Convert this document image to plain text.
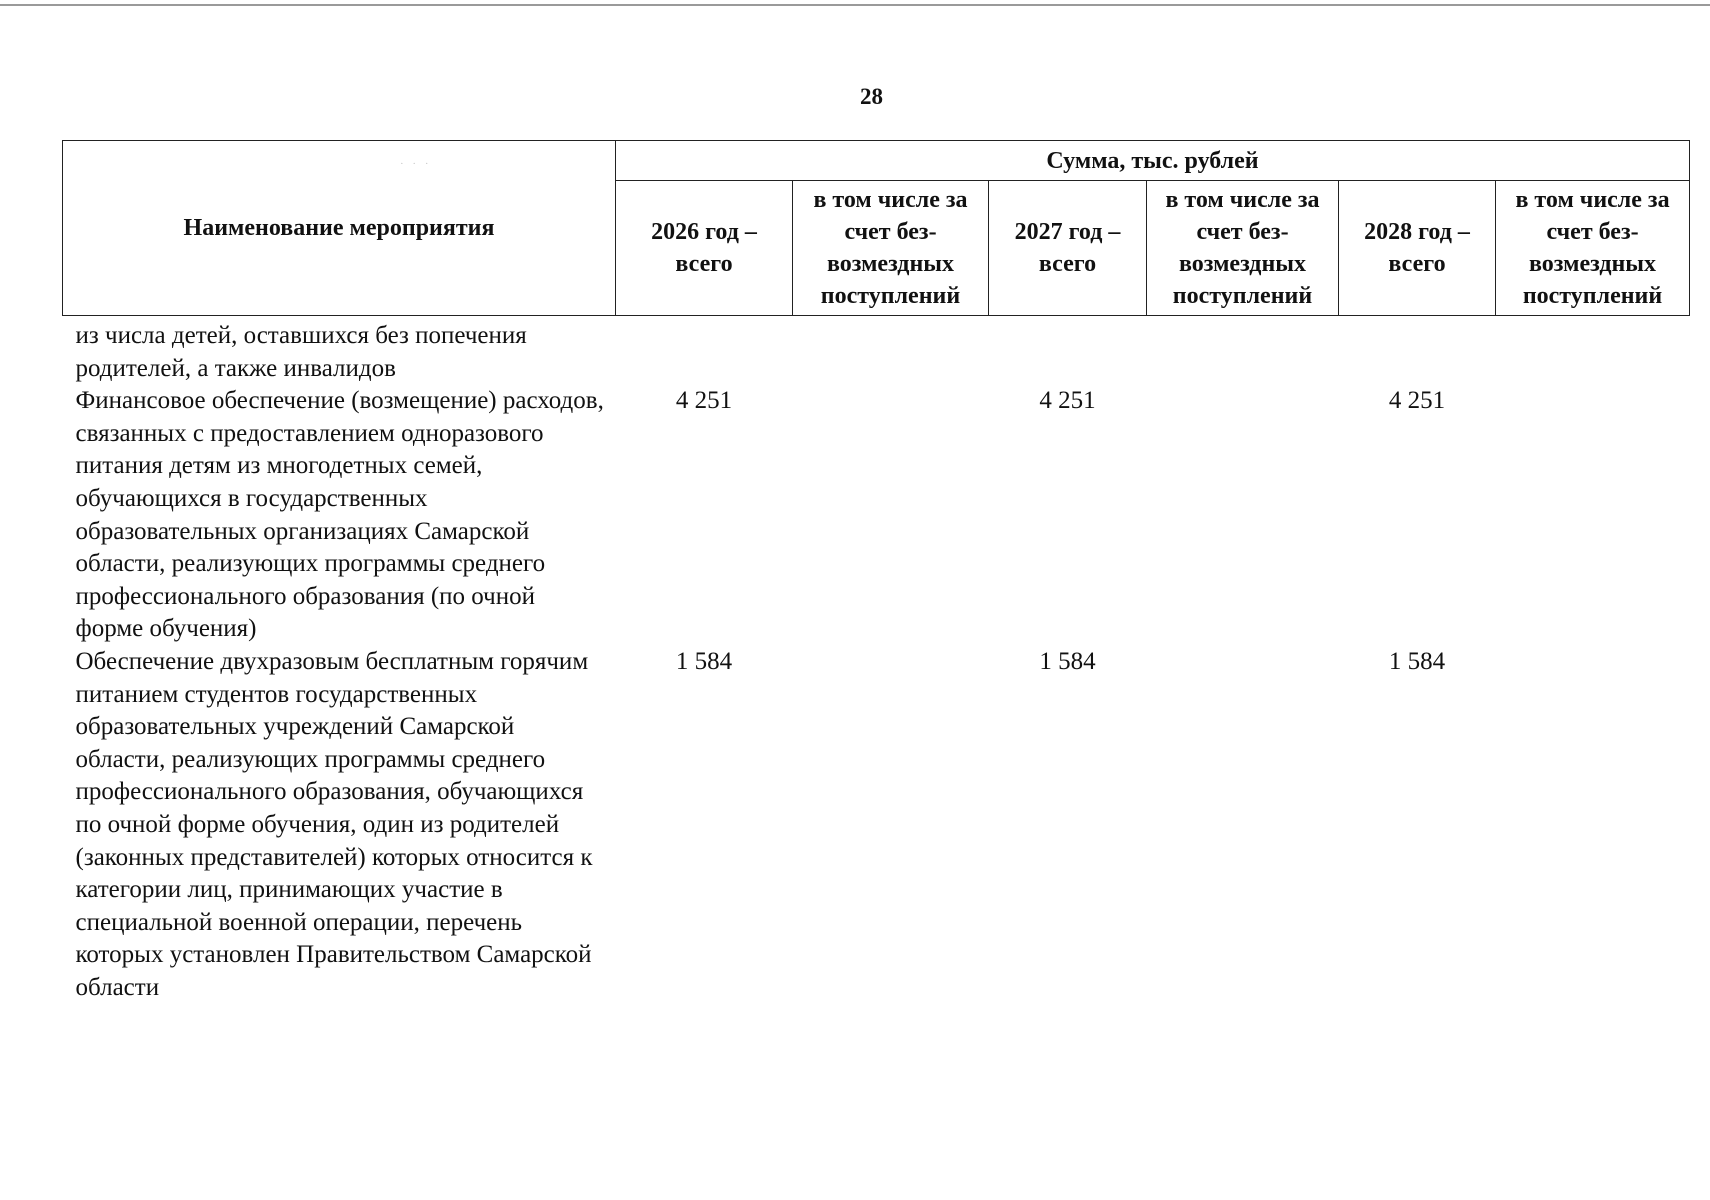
28
· · ·
Наименование мероприятия	Сумма, тыс. рублей					
	2026 год – всего	в том числе за счет без-возмездных поступлений	2027 год – всего	в том числе за счет без-возмездных поступлений	2028 год – всего	в том числе за счет без-возмездных поступлений
из числа детей, оставшихся без попечения родителей, а также инвалидов						
Финансовое обеспечение (возмещение) расходов, связанных с предоставлением одноразового питания детям из многодетных семей, обучающихся в государственных образовательных организациях Самарской области, реализующих программы среднего профессионального образования (по очной форме обучения)	4 251		4 251		4 251	
Обеспечение двухразовым бесплатным горячим питанием студентов государственных образовательных учреждений Самарской области, реализующих программы среднего профессионального образования, обучающихся по очной форме обучения, один из родителей (законных представителей) которых относится к категории лиц, принимающих участие в специальной военной операции, перечень которых установлен Правительством Самарской области	1 584		1 584		1 584	
